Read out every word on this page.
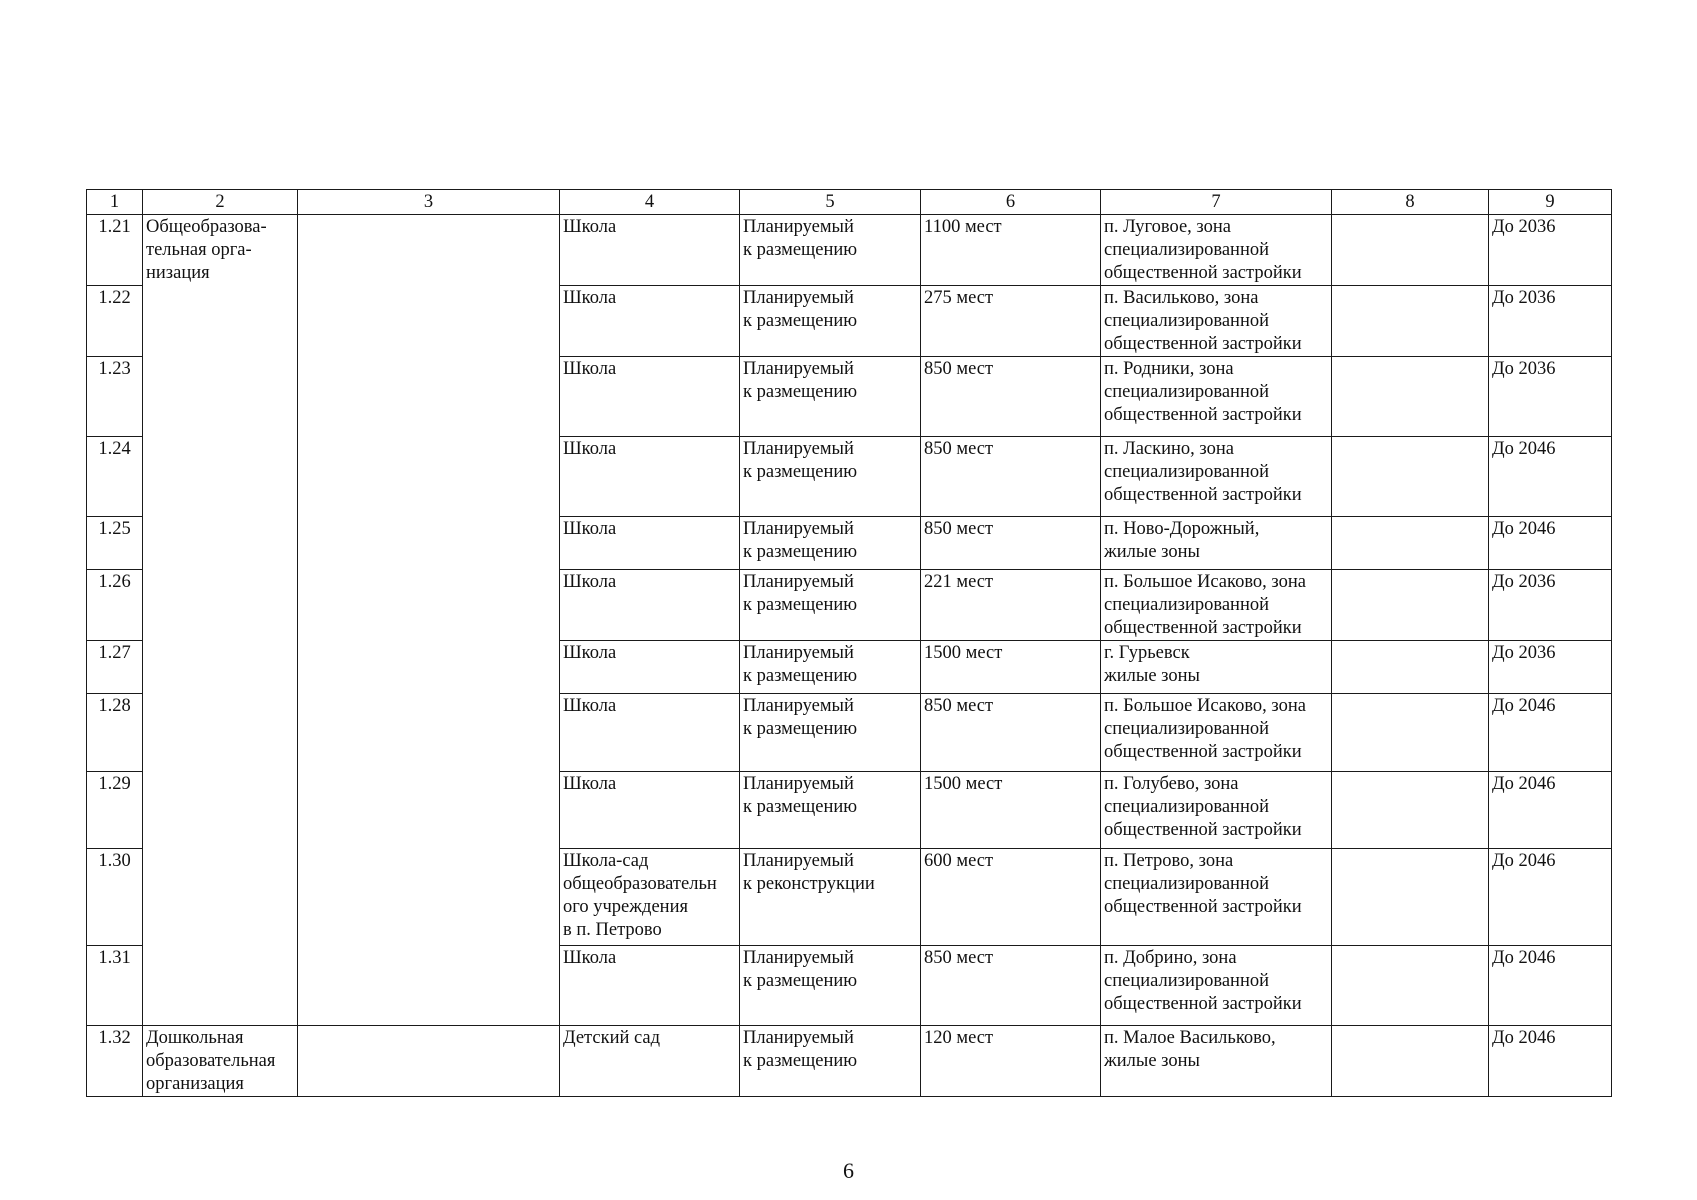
1	2	3	4	5	6	7	8	9
1.21	Общеобразова-
тельная орга-
низация		Школа	Планируемый
к размещению	1100 мест	п. Луговое, зона
специализированной
общественной застройки		До 2036
1.22			Школа	Планируемый
к размещению	275 мест	п. Васильково, зона
специализированной
общественной застройки		До 2036
1.23			Школа	Планируемый
к размещению	850 мест	п. Родники, зона
специализированной
общественной застройки		До 2036
1.24			Школа	Планируемый
к размещению	850 мест	п. Ласкино, зона
специализированной
общественной застройки		До 2046
1.25			Школа	Планируемый
к размещению	850 мест	п. Ново-Дорожный,
жилые зоны		До 2046
1.26			Школа	Планируемый
к размещению	221 мест	п. Большое Исаково, зона
специализированной
общественной застройки		До 2036
1.27			Школа	Планируемый
к размещению	1500 мест	г. Гурьевск
жилые зоны		До 2036
1.28			Школа	Планируемый
к размещению	850 мест	п. Большое Исаково, зона
специализированной
общественной застройки		До 2046
1.29			Школа	Планируемый
к размещению	1500 мест	п. Голубево, зона
специализированной
общественной застройки		До 2046
1.30			Школа-сад
общеобразовательн
ого учреждения
в п. Петрово	Планируемый
к реконструкции	600 мест	п. Петрово, зона
специализированной
общественной застройки		До 2046
1.31			Школа	Планируемый
к размещению	850 мест	п. Добрино, зона
специализированной
общественной застройки		До 2046
1.32	Дошкольная
образовательная
организация		Детский сад	Планируемый
к размещению	120 мест	п. Малое Васильково,
жилые зоны		До 2046
6
